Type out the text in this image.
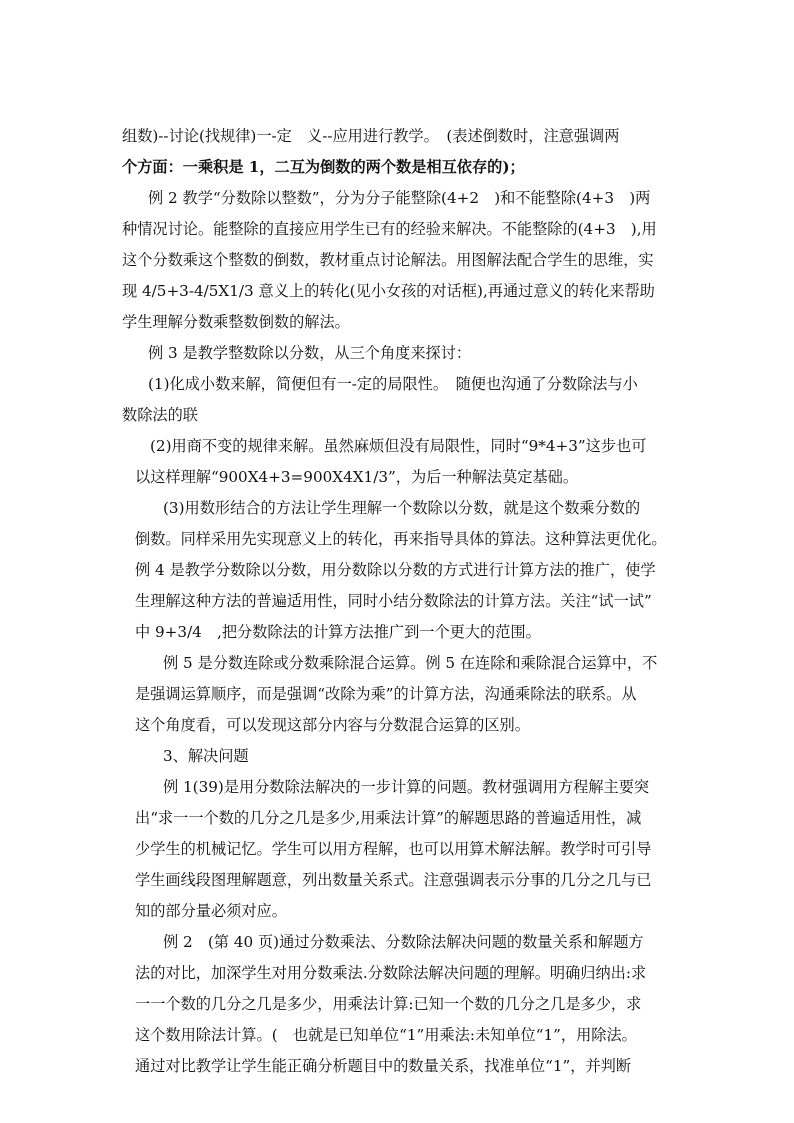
组数)--讨论(找规律)一-定　义--应用进行教学。　(表述倒数时，注意强调两
个方面：一乘积是 1，二互为倒数的两个数是相互依存的)；
例 2 教学“分数除以整数”，分为分子能整除(4+2　)和不能整除(4+3　)两
种情况讨论。能整除的直接应用学生已有的经验来解决。不能整除的(4+3　),用
这个分数乘这个整数的倒数，教材重点讨论解法。用图解法配合学生的思维，实
现 4/5+3-4/5X1/3 意义上的转化(见小女孩的对话框),再通过意义的转化来帮助
学生理解分数乘整数倒数的解法。
例 3 是教学整数除以分数，从三个角度来探讨：
(1)化成小数来解，简便但有一-定的局限性。　随便也沟通了分数除法与小
数除法的联
(2)用商不变的规律来解。虽然麻烦但没有局限性，同时“9*4+3”这步也可
以这样理解“900X4+3=900X4X1/3”，为后一种解法莫定基础。
(3)用数形结合的方法让学生理解一个数除以分数，就是这个数乘分数的
倒数。同样采用先实现意义上的转化，再来指导具体的算法。这种算法更优化。
例 4 是教学分数除以分数，用分数除以分数的方式进行计算方法的推广，使学
生理解这种方法的普遍适用性，同时小结分数除法的计算方法。关注“试一试”
中 9+3/4　,把分数除法的计算方法推广到一个更大的范围。
例 5 是分数连除或分数乘除混合运算。例 5 在连除和乘除混合运算中，不
是强调运算顺序，而是强调“改除为乘”的计算方法，沟通乘除法的联系。从
这个角度看，可以发现这部分内容与分数混合运算的区别。
3、解决问题
例 1(39)是用分数除法解决的一步计算的问题。教材强调用方程解主要突
出“求一一个数的几分之几是多少,用乘法计算”的解题思路的普遍适用性，减
少学生的机械记忆。学生可以用方程解，也可以用算术解法解。教学时可引导
学生画线段图理解题意，列出数量关系式。注意强调表示分事的几分之几与已
知的部分量必须对应。
例 2　(第 40 页)通过分数乘法、分数除法解决问题的数量关系和解题方
法的对比，加深学生对用分数乘法.分数除法解决问题的理解。明确归纳出:求
一一个数的几分之几是多少，用乘法计算:已知一个数的几分之几是多少，求
这个数用除法计算。(　也就是已知单位“1”用乘法:未知单位“1”，用除法。
通过对比教学让学生能正确分析题目中的数量关系，找准单位“1”，并判断
